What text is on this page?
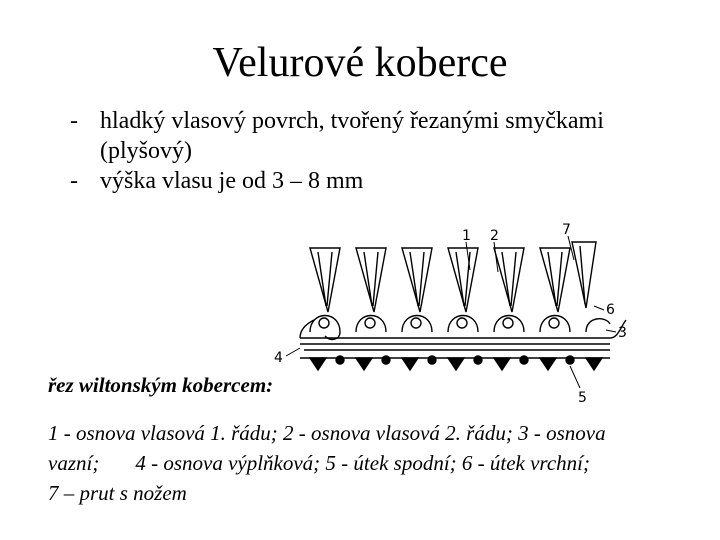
Velurové koberce
- hladký vlasový povrch, tvořený řezanými smyčkami (plyšový)
- výška vlasu je od 3 – 8 mm
1 2	7
6
3
4
5
řez wiltonským kobercem:
1 - osnova vlasová 1. řádu; 2 - osnova vlasová 2. řádu; 3 - osnova
vazní; 4 - osnova výplňková; 5 - útek spodní; 6 - útek vrchní;
7 – prut s nožem
